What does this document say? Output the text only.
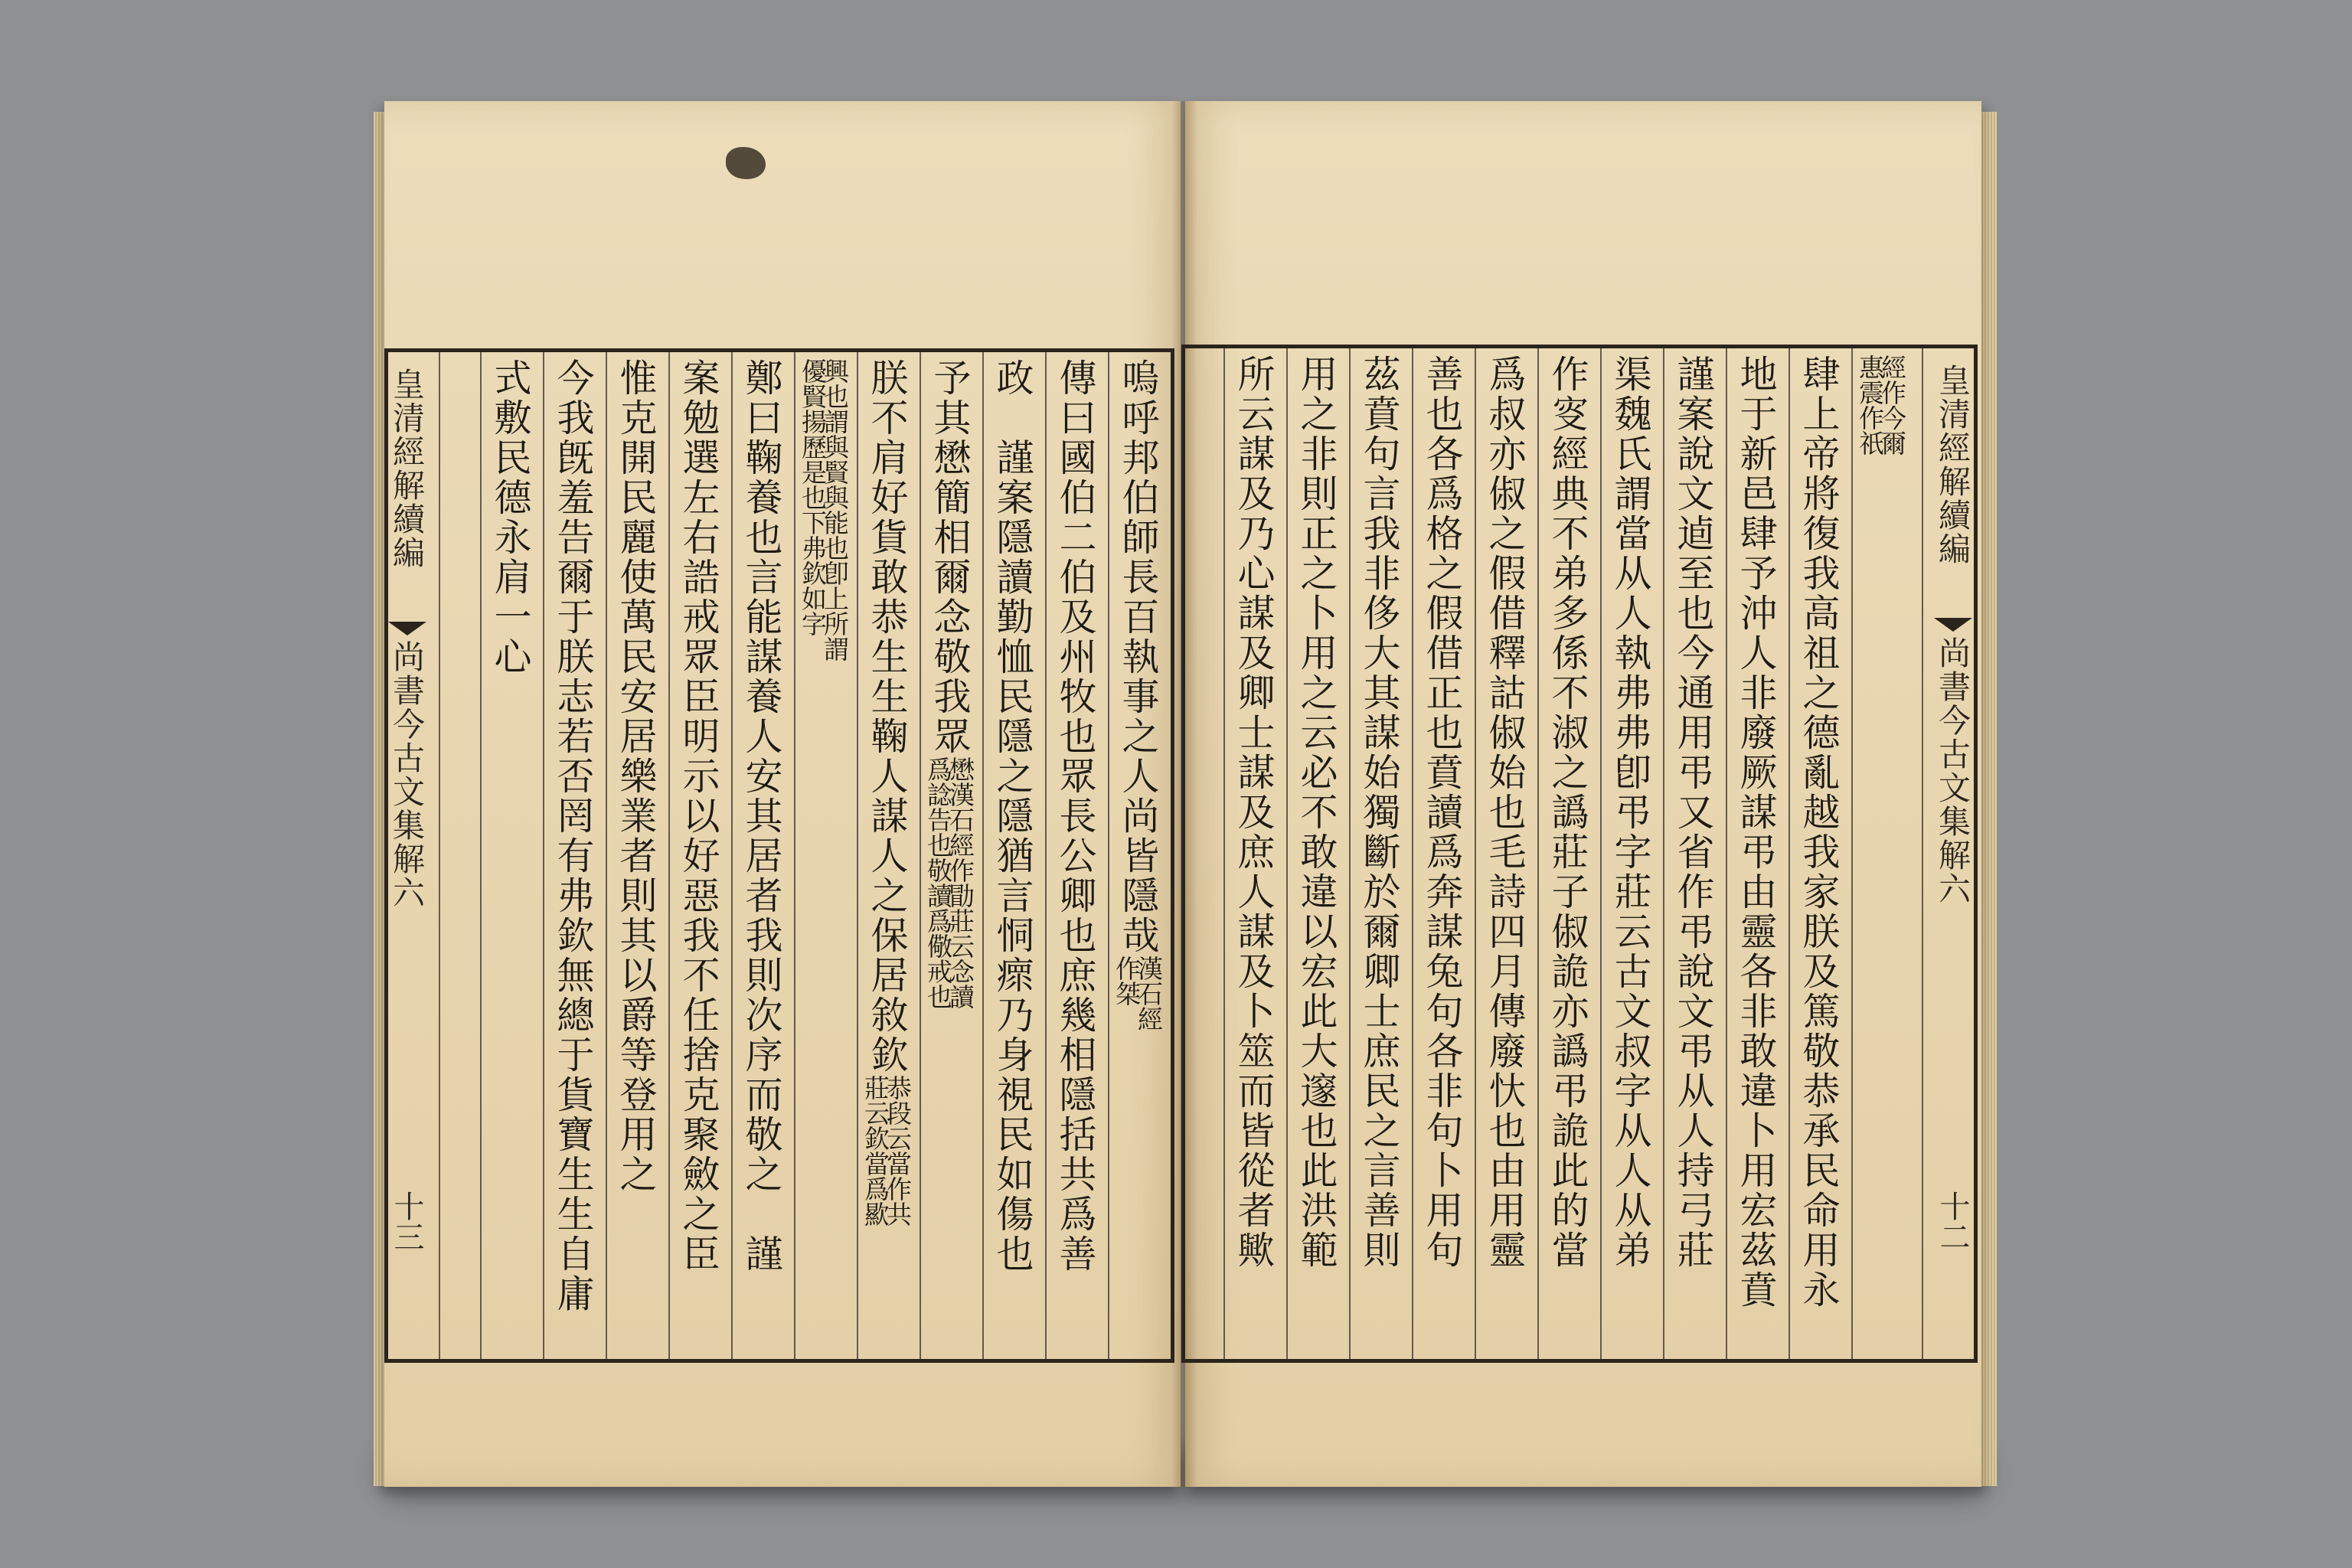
皇清經解續編
尚書今古文集解六
十三
嗚呼邦伯師長百執事之人尚皆隱哉
漢石經
作桀
傳曰國伯二伯及州牧也眾長公卿也庶幾相隱括共爲善
政　謹案隱讀勤恤民隱之隱猶言恫瘝乃身視民如傷也
予其懋簡相爾念敬我眾
懋漢石經作勖莊云念讀
爲諗告也敬讀爲儆戒也
朕不肩好貨敢恭生生鞠人謀人之保居敘欽
恭段云當作共
莊云欽當爲歞
興也謂與賢與能也卽上所謂
優賢揚歷是也下弗欽如字
鄭曰鞠養也言能謀養人安其居者我則次序而敬之　謹
案勉選左右誥戒眾臣明示以好惡我不任捨克聚斂之臣
惟克開民麗使萬民安居樂業者則其以爵等登用之
今我旣羞告爾于朕志若否罔有弗欽無總于貨寶生生自庸
式敷民德永肩一心	經作今爾
惠震作祇
肆上帝將復我高祖之德亂越我家朕及篤敬恭承民命用永
地于新邑肆予沖人非廢厥謀弔由靈各非敢違卜用宏茲賁
謹案說文逌至也今通用弔又省作弔說文弔从人持弓莊
渠魏氏謂當从人執弗弗卽弔字莊云古文叔字从人从弟
作叜經典不弟多係不淑之譌莊子俶詭亦譌弔詭此的當
爲叔亦俶之假借釋詁俶始也毛詩四月傳廢忕也由用靈
善也各爲格之假借正也賁讀爲奔謀兔句各非句卜用句
茲賁句言我非侈大其謀始獨斷於爾卿士庶民之言善則
用之非則正之卜用之云必不敢違以宏此大邃也此洪範
所云謀及乃心謀及卿士謀及庶人謀及卜筮而皆從者歟	皇清經解續編
尚書今古文集解六
十二
